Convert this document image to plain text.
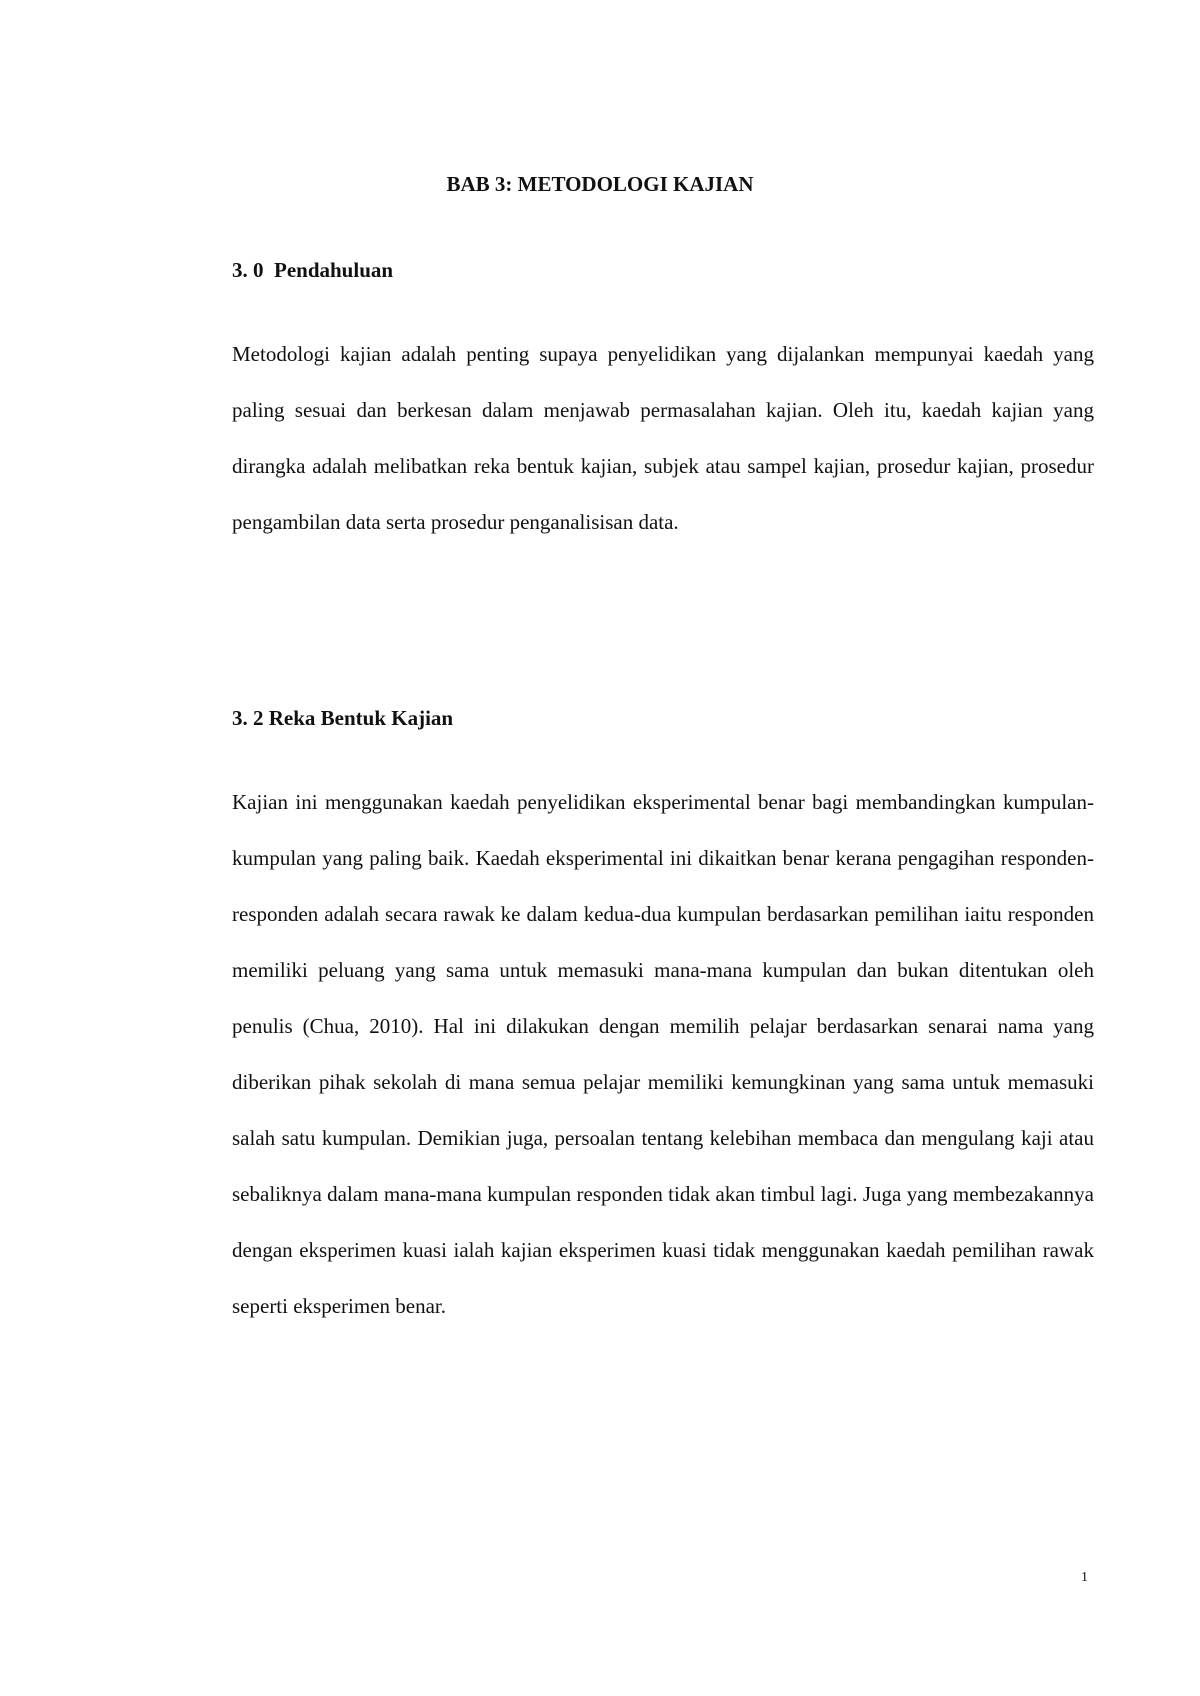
BAB 3: METODOLOGI KAJIAN
3. 0  Pendahuluan

Metodologi kajian adalah penting supaya penyelidikan yang dijalankan mempunyai kaedah yang paling sesuai dan berkesan dalam menjawab permasalahan kajian. Oleh itu, kaedah kajian yang dirangka adalah melibatkan reka bentuk kajian, subjek atau sampel kajian, prosedur kajian, prosedur pengambilan data serta prosedur penganalisisan data.

3. 2 Reka Bentuk Kajian

Kajian ini menggunakan kaedah penyelidikan eksperimental benar bagi membandingkan kumpulan-kumpulan yang paling baik. Kaedah eksperimental ini dikaitkan benar kerana pengagihan responden-responden adalah secara rawak ke dalam kedua-dua kumpulan berdasarkan pemilihan iaitu responden memiliki peluang yang sama untuk memasuki mana-mana kumpulan dan bukan ditentukan oleh penulis (Chua, 2010). Hal ini dilakukan dengan memilih pelajar berdasarkan senarai nama yang diberikan pihak sekolah di mana semua pelajar memiliki kemungkinan yang sama untuk memasuki salah satu kumpulan. Demikian juga, persoalan tentang kelebihan membaca dan mengulang kaji atau sebaliknya dalam mana-mana kumpulan responden tidak akan timbul lagi. Juga yang membezakannya dengan eksperimen kuasi ialah kajian eksperimen kuasi tidak menggunakan kaedah pemilihan rawak seperti eksperimen benar.

1
